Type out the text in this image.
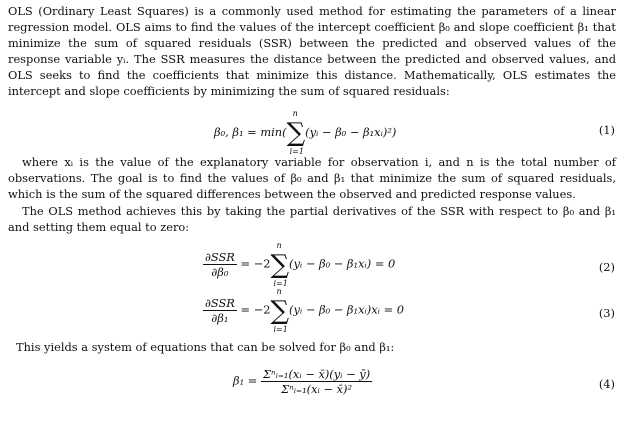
OLS (Ordinary Least Squares) is a commonly used method for estimating the parameters of a linear regression model. OLS aims to find the values of the intercept coefficient β₀ and slope coefficient β₁ that minimize the sum of squared residuals (SSR) between the predicted and observed values of the response variable yᵢ. The SSR measures the distance between the predicted and observed values, and OLS seeks to find the coefficients that minimize this distance. Mathematically, OLS estimates the intercept and slope coefficients by minimizing the sum of squared residuals:

β₀, β₁ = min(∑
n
i=1
(yᵢ − β₀ − β₁xᵢ)²)	(1)

where xᵢ is the value of the explanatory variable for observation i, and n is the total number of observations. The goal is to find the values of β₀ and β₁ that minimize the sum of squared residuals, which is the sum of the squared differences between the observed and predicted response values.

The OLS method achieves this by taking the partial derivatives of the SSR with respect to β₀ and β₁ and setting them equal to zero:

$\frac{\text{∂SSR}}{\text{∂β₀}} = -2\sum$
n
i=1
(yᵢ − β₀ − β₁xᵢ) = 0	(2)
$\frac{\text{∂SSR}}{\text{∂β₁}} = -2\sum$
n
i=1
(yᵢ − β₀ − β₁xᵢ)xᵢ = 0	(3)

This yields a system of equations that can be solved for β₀ and β₁:

$\beta_1 = \frac{\text{Σⁿᵢ₌₁(xᵢ − x̄)(yᵢ − ȳ)}}{\text{Σⁿᵢ₌₁(xᵢ − x̄)²}}$	(4)
